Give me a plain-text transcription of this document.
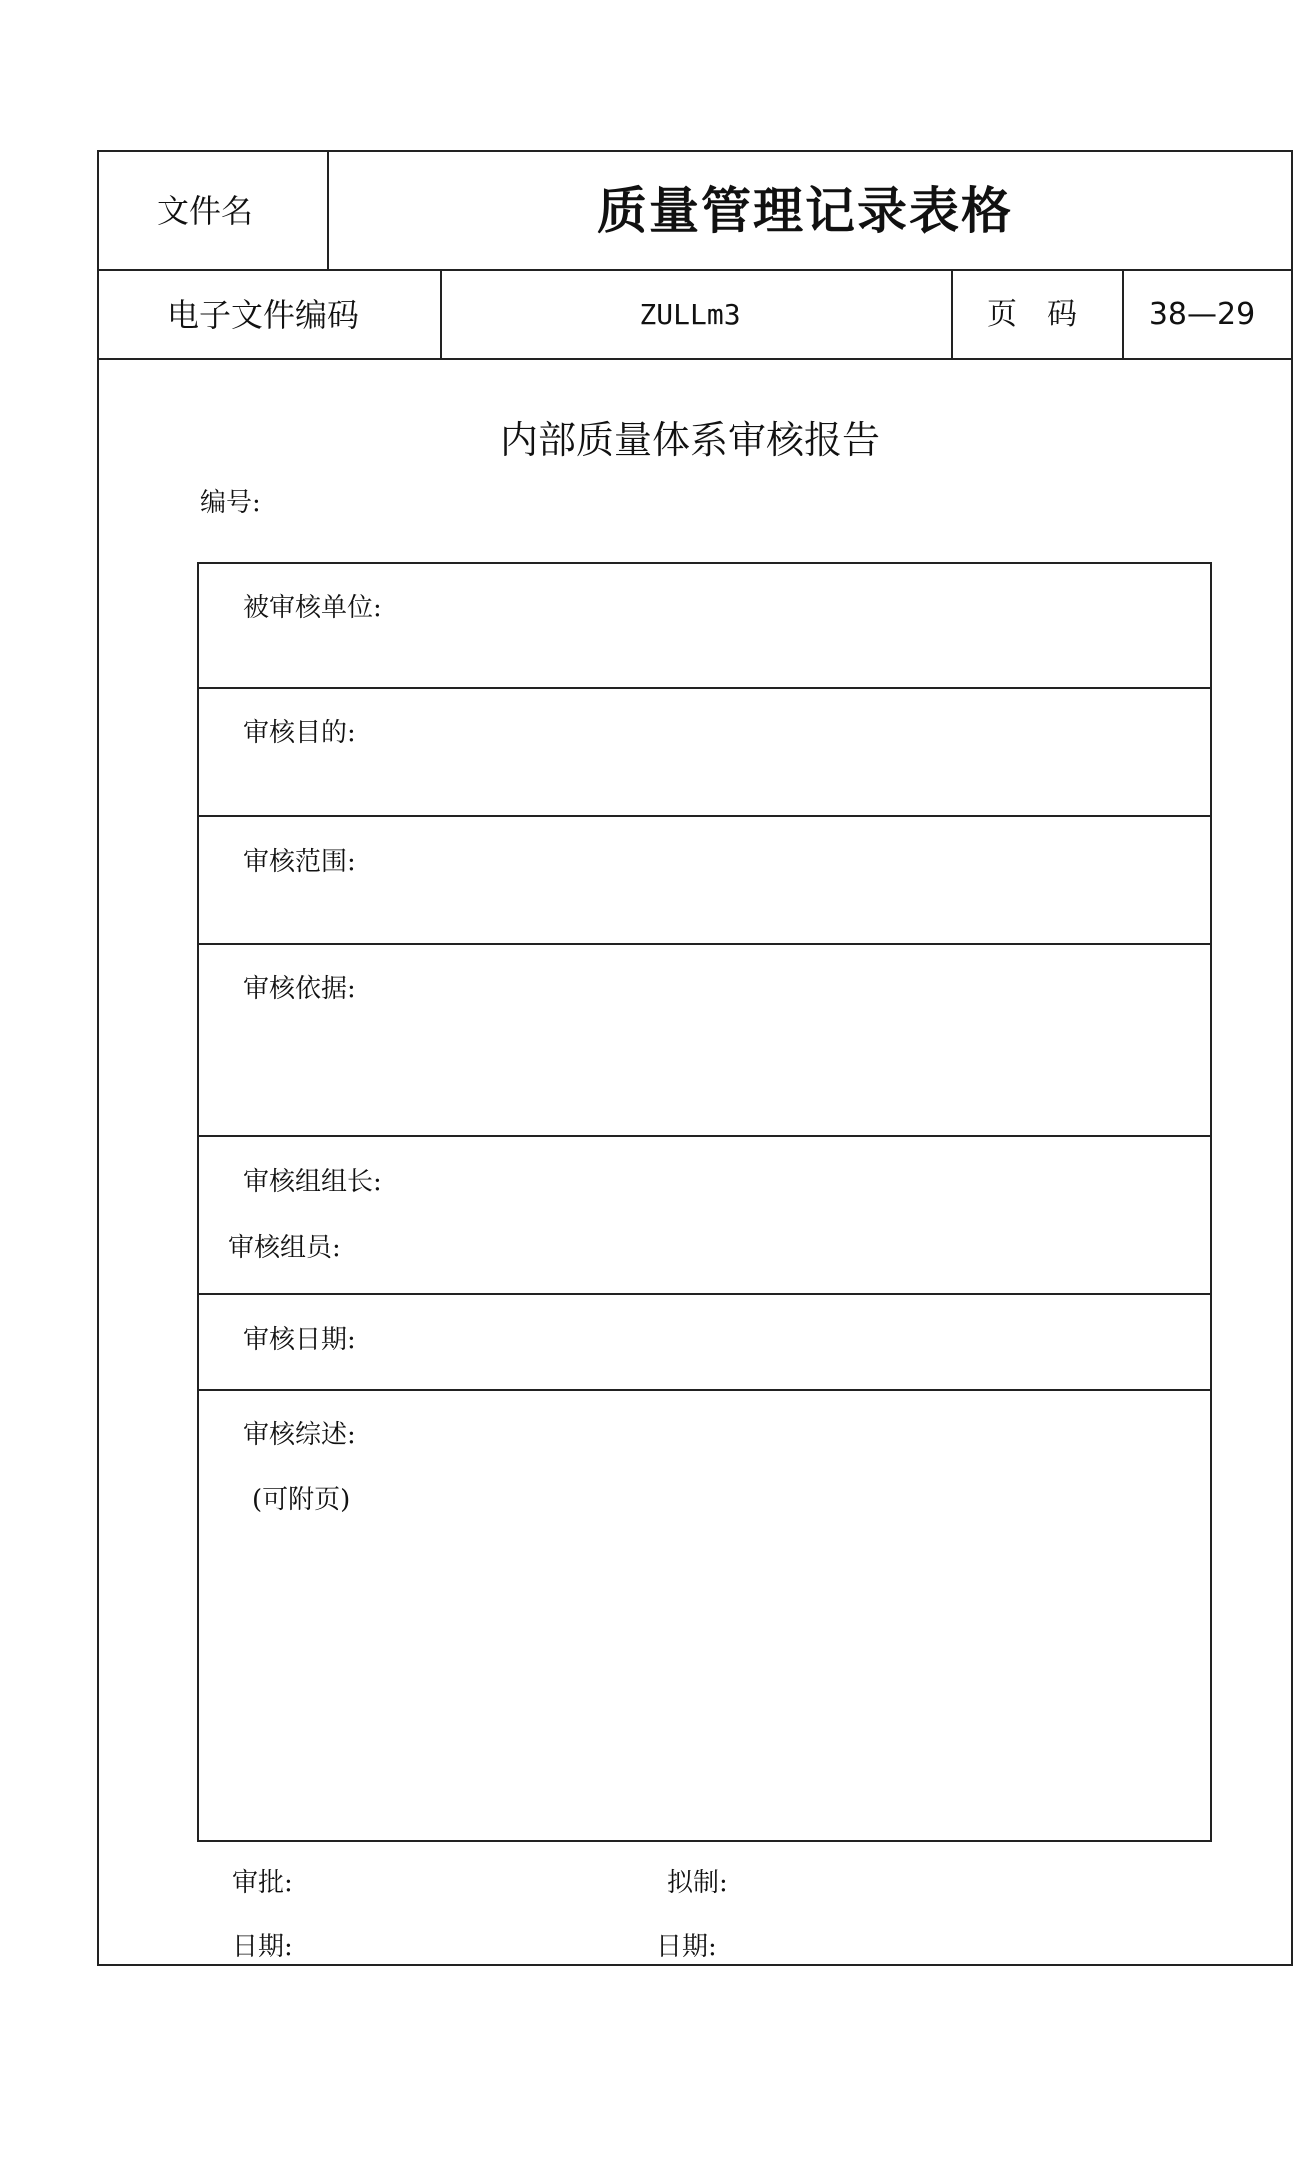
文件名	质量管理记录表格
电子文件编码	ZULLm3	页　码 38—29
内部质量体系审核报告
编号:
被审核单位:
审核目的:
审核范围:
审核依据:
审核组组长:
审核组员:
审核日期:
审核综述:
(可附页)
审批:	拟制:
日期:	日期:
